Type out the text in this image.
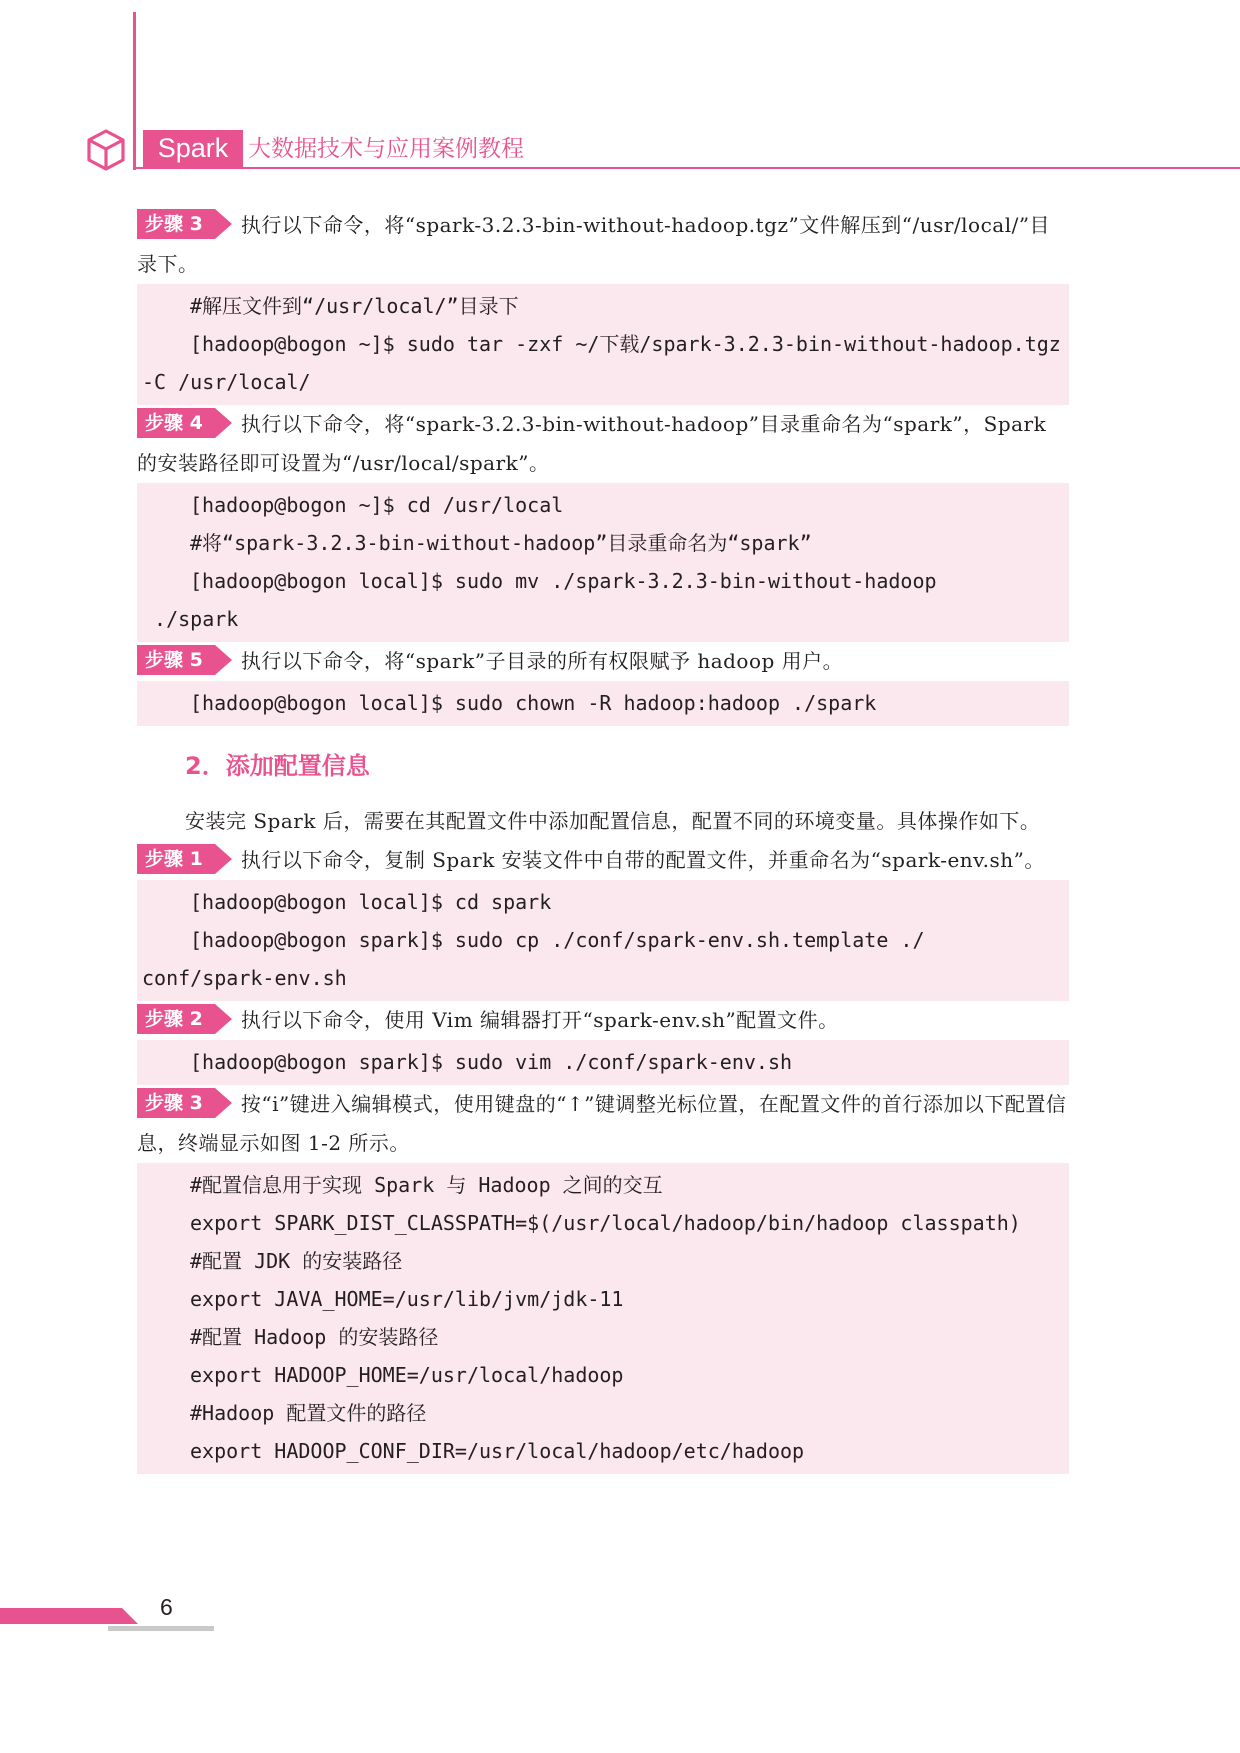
Spark 大数据技术与应用案例教程
步骤 3 执行以下命令，将“spark-3.2.3-bin-without-hadoop.tgz”文件解压到“/usr/local/”目录下。
#解压文件到“/usr/local/”目录下
[hadoop@bogon ~]$ sudo tar -zxf ~/下载/spark-3.2.3-bin-without-hadoop.tgz
-C /usr/local/
步骤 4 执行以下命令，将“spark-3.2.3-bin-without-hadoop”目录重命名为“spark”，Spark 的安装路径即可设置为“/usr/local/spark”。
[hadoop@bogon ~]$ cd /usr/local
#将“spark-3.2.3-bin-without-hadoop”目录重命名为“spark”
[hadoop@bogon local]$ sudo mv ./spark-3.2.3-bin-without-hadoop
./spark
步骤 5 执行以下命令，将“spark”子目录的所有权限赋予 hadoop 用户。
[hadoop@bogon local]$ sudo chown -R hadoop:hadoop ./spark
2．添加配置信息
安装完 Spark 后，需要在其配置文件中添加配置信息，配置不同的环境变量。具体操作如下。
步骤 1 执行以下命令，复制 Spark 安装文件中自带的配置文件，并重命名为“spark-env.sh”。
[hadoop@bogon local]$ cd spark
[hadoop@bogon spark]$ sudo cp ./conf/spark-env.sh.template ./
conf/spark-env.sh
步骤 2 执行以下命令，使用 Vim 编辑器打开“spark-env.sh”配置文件。
[hadoop@bogon spark]$ sudo vim ./conf/spark-env.sh
步骤 3 按“i”键进入编辑模式，使用键盘的“↑”键调整光标位置，在配置文件的首行添加以下配置信息，终端显示如图 1-2 所示。
#配置信息用于实现 Spark 与 Hadoop 之间的交互
export SPARK_DIST_CLASSPATH=$(/usr/local/hadoop/bin/hadoop classpath)
#配置 JDK 的安装路径
export JAVA_HOME=/usr/lib/jvm/jdk-11
#配置 Hadoop 的安装路径
export HADOOP_HOME=/usr/local/hadoop
#Hadoop 配置文件的路径
export HADOOP_CONF_DIR=/usr/local/hadoop/etc/hadoop
6
